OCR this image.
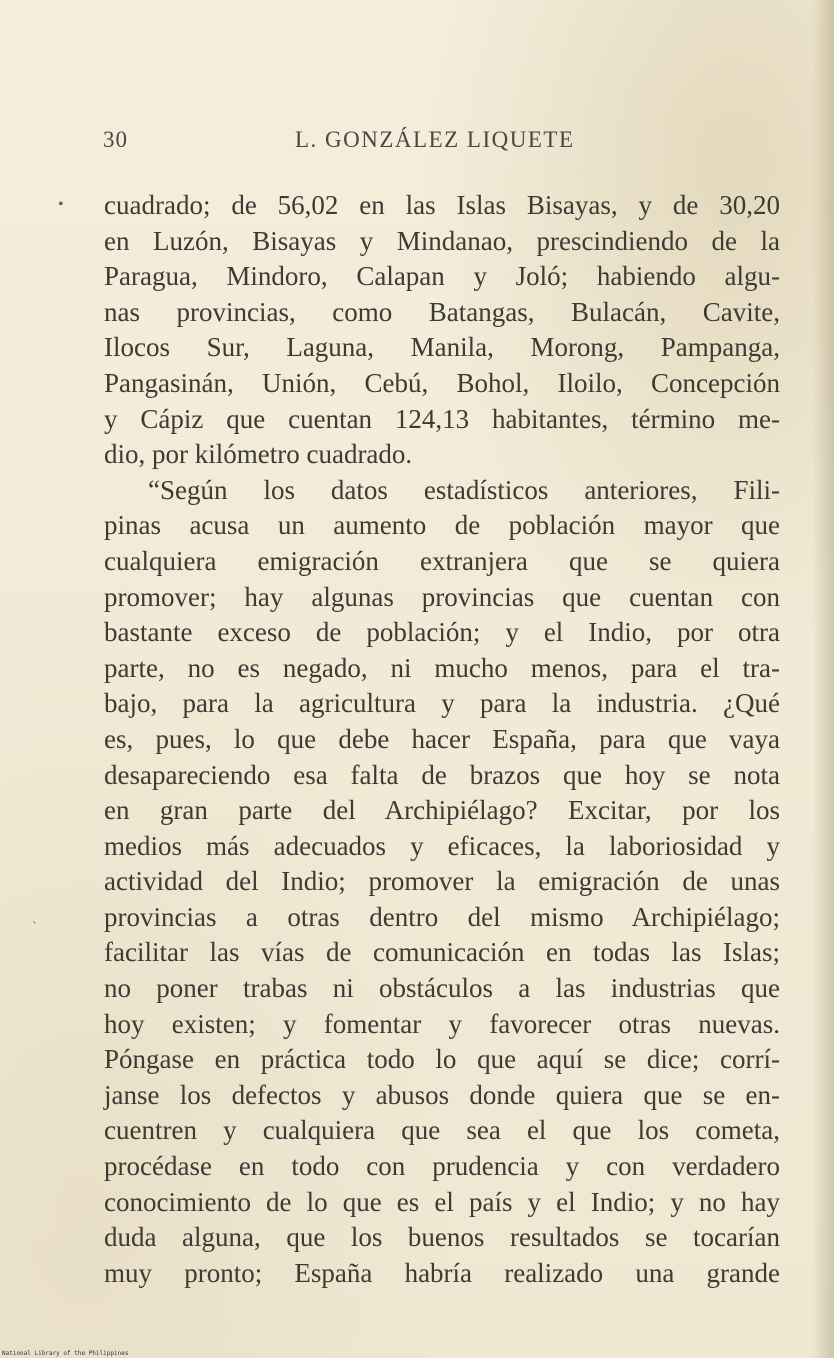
30	L. GONZÁLEZ LIQUETE
• cuadrado; de 56,02 en las Islas Bisayas, y de 30,20
en Luzón, Bisayas y Mindanao, prescindiendo de la
Paragua, Mindoro, Calapan y Joló; habiendo algu-
nas provincias, como Batangas, Bulacán, Cavite,
Ilocos Sur, Laguna, Manila, Morong, Pampanga,
Pangasinán, Unión, Cebú, Bohol, Iloilo, Concepción
y Cápiz que cuentan 124,13 habitantes, término me-
dio, por kilómetro cuadrado.
“Según los datos estadísticos anteriores, Fili-
pinas acusa un aumento de población mayor que
cualquiera emigración extranjera que se quiera
promover; hay algunas provincias que cuentan con
bastante exceso de población; y el Indio, por otra
parte, no es negado, ni mucho menos, para el tra-
bajo, para la agricultura y para la industria. ¿Qué
es, pues, lo que debe hacer España, para que vaya
desapareciendo esa falta de brazos que hoy se nota
en gran parte del Archipiélago? Excitar, por los
medios más adecuados y eficaces, la laboriosidad y
actividad del Indio; promover la emigración de unas
provincias a otras dentro del mismo Archipiélago;
facilitar las vías de comunicación en todas las Islas;
no poner trabas ni obstáculos a las industrias que
hoy existen; y fomentar y favorecer otras nuevas.
Póngase en práctica todo lo que aquí se dice; corrí-
janse los defectos y abusos donde quiera que se en-
cuentren y cualquiera que sea el que los cometa,
procédase en todo con prudencia y con verdadero
conocimiento de lo que es el país y el Indio; y no hay
duda alguna, que los buenos resultados se tocarían
muy pronto; España habría realizado una grande
ˋ
National Library of the Philippines
